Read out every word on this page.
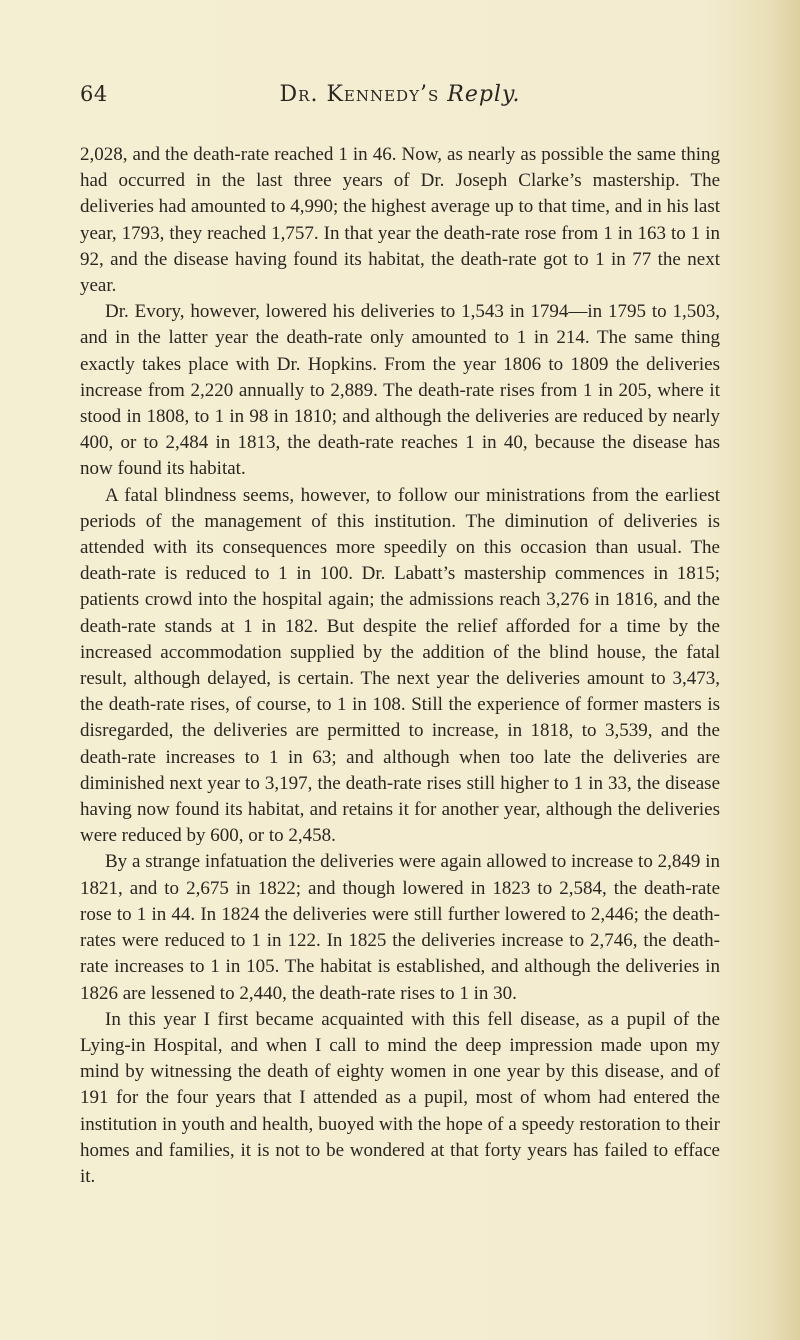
64	Dr. Kennedy’s Reply.

2,028, and the death-rate reached 1 in 46. Now, as nearly as possible the same thing had occurred in the last three years of Dr. Joseph Clarke’s mastership. The deliveries had amounted to 4,990; the highest average up to that time, and in his last year, 1793, they reached 1,757. In that year the death-rate rose from 1 in 163 to 1 in 92, and the disease having found its habitat, the death-rate got to 1 in 77 the next year.

Dr. Evory, however, lowered his deliveries to 1,543 in 1794—in 1795 to 1,503, and in the latter year the death-rate only amounted to 1 in 214. The same thing exactly takes place with Dr. Hopkins. From the year 1806 to 1809 the deliveries increase from 2,220 annually to 2,889. The death-rate rises from 1 in 205, where it stood in 1808, to 1 in 98 in 1810; and although the deliveries are reduced by nearly 400, or to 2,484 in 1813, the death-rate reaches 1 in 40, because the disease has now found its habitat.

A fatal blindness seems, however, to follow our ministrations from the earliest periods of the management of this institution. The diminution of deliveries is attended with its consequences more speedily on this occasion than usual. The death-rate is reduced to 1 in 100. Dr. Labatt’s mastership commences in 1815; patients crowd into the hospital again; the admissions reach 3,276 in 1816, and the death-rate stands at 1 in 182. But despite the relief afforded for a time by the increased accommodation supplied by the addition of the blind house, the fatal result, although delayed, is certain. The next year the deliveries amount to 3,473, the death-rate rises, of course, to 1 in 108. Still the experience of former masters is disregarded, the deliveries are permitted to increase, in 1818, to 3,539, and the death-rate increases to 1 in 63; and although when too late the deliveries are diminished next year to 3,197, the death-rate rises still higher to 1 in 33, the disease having now found its habitat, and retains it for another year, although the deliveries were reduced by 600, or to 2,458.

By a strange infatuation the deliveries were again allowed to increase to 2,849 in 1821, and to 2,675 in 1822; and though lowered in 1823 to 2,584, the death-rate rose to 1 in 44. In 1824 the deliveries were still further lowered to 2,446; the death-rates were reduced to 1 in 122. In 1825 the deliveries increase to 2,746, the death-rate increases to 1 in 105. The habitat is established, and although the deliveries in 1826 are lessened to 2,440, the death-rate rises to 1 in 30.

In this year I first became acquainted with this fell disease, as a pupil of the Lying-in Hospital, and when I call to mind the deep impression made upon my mind by witnessing the death of eighty women in one year by this disease, and of 191 for the four years that I attended as a pupil, most of whom had entered the institution in youth and health, buoyed with the hope of a speedy restoration to their homes and families, it is not to be wondered at that forty years has failed to efface it.
